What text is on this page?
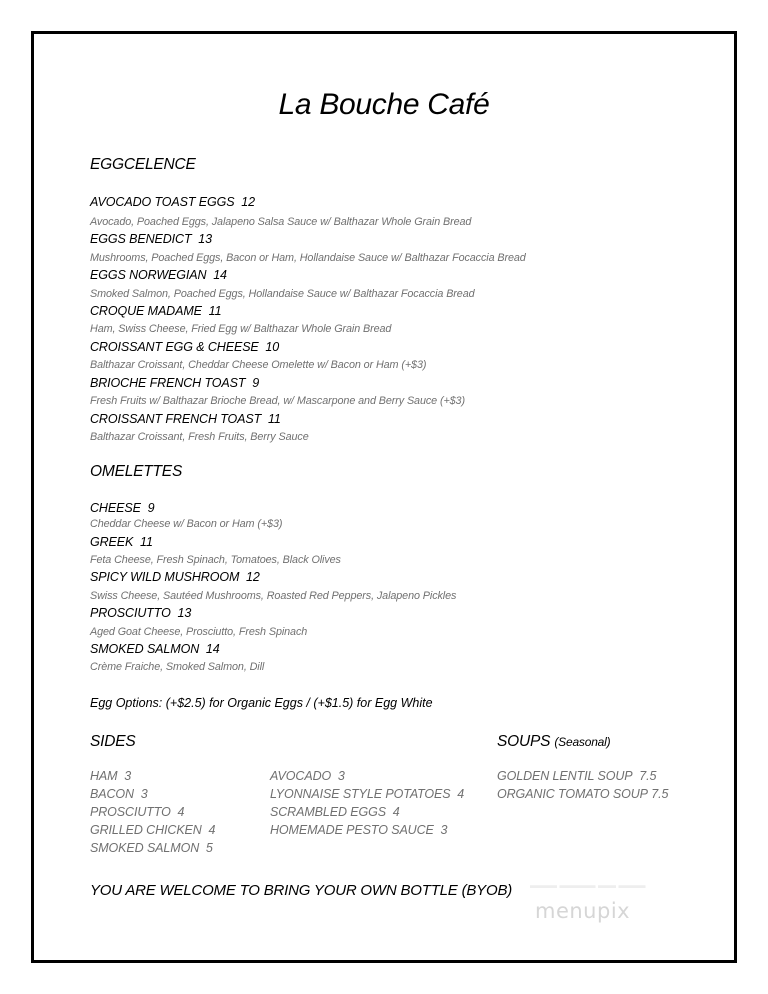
La Bouche Café
EGGCELENCE
AVOCADO TOAST EGGS 12
Avocado, Poached Eggs, Jalapeno Salsa Sauce w/ Balthazar Whole Grain Bread
EGGS BENEDICT 13
Mushrooms, Poached Eggs, Bacon or Ham, Hollandaise Sauce w/ Balthazar Focaccia Bread
EGGS NORWEGIAN 14
Smoked Salmon, Poached Eggs, Hollandaise Sauce w/ Balthazar Focaccia Bread
CROQUE MADAME 11
Ham, Swiss Cheese, Fried Egg w/ Balthazar Whole Grain Bread
CROISSANT EGG & CHEESE 10
Balthazar Croissant, Cheddar Cheese Omelette w/ Bacon or Ham (+$3)
BRIOCHE FRENCH TOAST 9
Fresh Fruits w/ Balthazar Brioche Bread, w/ Mascarpone and Berry Sauce (+$3)
CROISSANT FRENCH TOAST 11
Balthazar Croissant, Fresh Fruits, Berry Sauce
OMELETTES
CHEESE 9
Cheddar Cheese w/ Bacon or Ham (+$3)
GREEK 11
Feta Cheese, Fresh Spinach, Tomatoes, Black Olives
SPICY WILD MUSHROOM 12
Swiss Cheese, Sautéed Mushrooms, Roasted Red Peppers, Jalapeno Pickles
PROSCIUTTO 13
Aged Goat Cheese, Prosciutto, Fresh Spinach
SMOKED SALMON 14
Crème Fraiche, Smoked Salmon, Dill
Egg Options: (+$2.5) for Organic Eggs / (+$1.5) for Egg White
SIDES
HAM 3
BACON 3
PROSCIUTTO 4
GRILLED CHICKEN 4
SMOKED SALMON 5
AVOCADO 3
LYONNAISE STYLE POTATOES 4
SCRAMBLED EGGS 4
HOMEMADE PESTO SAUCE 3
SOUPS (Seasonal)
GOLDEN LENTIL SOUP 7.5
ORGANIC TOMATO SOUP 7.5
YOU ARE WELCOME TO BRING YOUR OWN BOTTLE (BYOB) ▬▬▬ ▬▬▬▬ ▬▬ ▬▬▬
menupix
